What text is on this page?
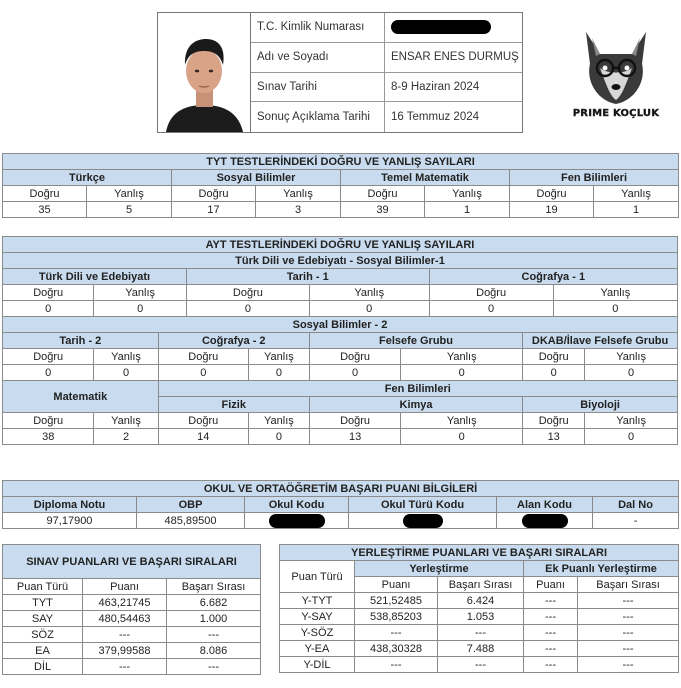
T.C. Kimlik Numarası
Adı ve Soyadı	ENSAR ENES DURMUŞ
Sınav Tarihi	8-9 Haziran 2024
Sonuç Açıklama Tarihi	16 Temmuz 2024	PRIME KOÇLUK
TYT TESTLERİNDEKİ DOĞRU VE YANLIŞ SAYILARI							
Türkçe		Sosyal Bilimler		Temel Matematik		Fen Bilimleri	
Doğru	Yanlış	Doğru	Yanlış	Doğru	Yanlış	Doğru	Yanlış
35	5	17	3	39	1	19	1
AYT TESTLERİNDEKİ DOĞRU VE YANLIŞ SAYILARI										
Türk Dili ve Edebiyatı - Sosyal Bilimler-1										
Türk Dili ve Edebiyatı			Tarih - 1				Coğrafya - 1			
Doğru	Yanlış		Doğru		Yanlış		Doğru		Yanlış	
0	0		0		0		0		0	
Sosyal Bilimler - 2										
Tarih - 2		Coğrafya - 2			Felsefe Grubu			DKAB/İlave Felsefe Grubu		
Doğru	Yanlış	Doğru		Yanlış	Doğru	Yanlış		Doğru		Yanlış
0	0	0		0	0	0		0		0
Matematik		Fen Bilimleri								
		Fizik			Kimya			Biyoloji		
Doğru	Yanlış	Doğru		Yanlış	Doğru	Yanlış		Doğru		Yanlış
38	2	14		0	13	0		13		0
OKUL VE ORTAÖĞRETİM BAŞARI PUANI BİLGİLERİ					
Diploma Notu	OBP	Okul Kodu	Okul Türü Kodu	Alan Kodu	Dal No
97,17900	485,89500				-
SINAV PUANLARI VE BAŞARI SIRALARI		
Puan Türü	Puanı	Başarı Sırası
TYT	463,21745	6.682
SAY	480,54463	1.000
SÖZ	---	---
EA	379,99588	8.086
DİL	---	---
YERLEŞTİRME PUANLARI VE BAŞARI SIRALARI				
Puan Türü	Yerleştirme		Ek Puanlı Yerleştirme	
	Puanı	Başarı Sırası	Puanı	Başarı Sırası
Y-TYT	521,52485	6.424	---	---
Y-SAY	538,85203	1.053	---	---
Y-SÖZ	---	---	---	---
Y-EA	438,30328	7.488	---	---
Y-DİL	---	---	---	---
